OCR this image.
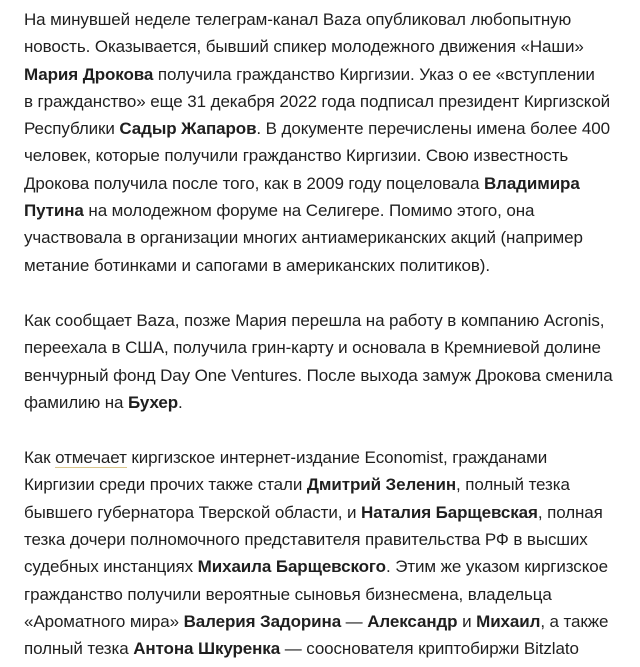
На минувшей неделе телеграм-канал Baza опубликовал любопытную
новость. Оказывается, бывший спикер молодежного движения «Наши»
Мария Дрокова получила гражданство Киргизии. Указ о ее «вступлении
в гражданство» еще 31 декабря 2022 года подписал президент Киргизской
Республики Садыр Жапаров. В документе перечислены имена более 400
человек, которые получили гражданство Киргизии. Свою известность
Дрокова получила после того, как в 2009 году поцеловала Владимира
Путина на молодежном форуме на Селигере. Помимо этого, она
участвовала в организации многих антиамериканских акций (например
метание ботинками и сапогами в американских политиков).

Как сообщает Baza, позже Мария перешла на работу в компанию Acronis,
переехала в США, получила грин-карту и основала в Кремниевой долине
венчурный фонд Day One Ventures. После выхода замуж Дрокова сменила
фамилию на Бухер.

Как отмечает киргизское интернет-издание Economist, гражданами
Киргизии среди прочих также стали Дмитрий Зеленин, полный тезка
бывшего губернатора Тверской области, и Наталия Барщевская, полная
тезка дочери полномочного представителя правительства РФ в высших
судебных инстанциях Михаила Барщевского. Этим же указом киргизское
гражданство получили вероятные сыновья бизнесмена, владельца
«Ароматного мира» Валерия Задорина — Александр и Михаил, а также
полный тезка Антона Шкуренка — сооснователя криптобиржи Bitzlato
